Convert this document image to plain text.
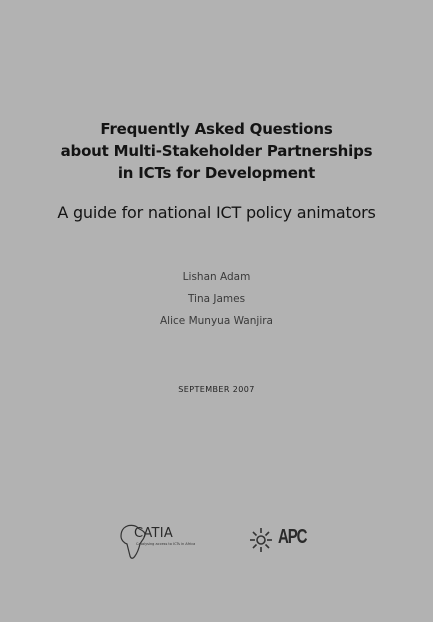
Frequently Asked Questions
about Multi-Stakeholder Partnerships
in ICTs for Development
A guide for national ICT policy animators
Lishan Adam
Tina James
Alice Munyua Wanjira
SEPTEMBER 2007
CATIA
Catalysing access to ICTs in Africa	APC
